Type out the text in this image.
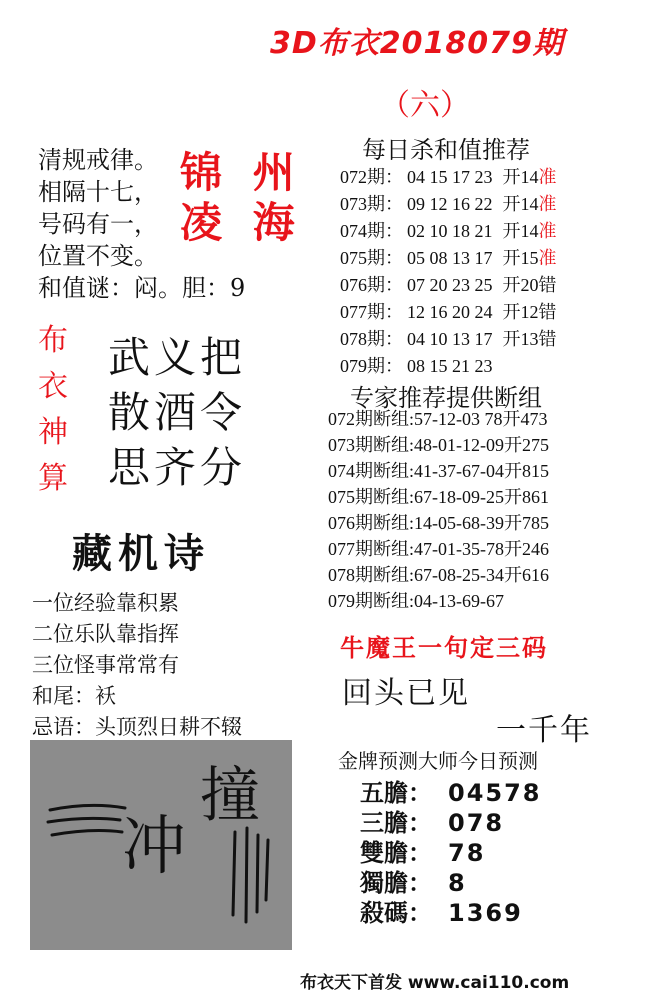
3D布衣2018079期
（六）
清规戒律。
相隔十七，
号码有一，
位置不变。
和值谜：闷。胆：9
锦 州
凌 海
布
衣
神
算
武义把
散酒令
思齐分
藏机诗
一位经验靠积累
二位乐队靠指挥
三位怪事常常有
和尾：袄
忌语：头顶烈日耕不辍
冲
撞
每日杀和值推荐
072期： 04 15 17 23 开14准
073期： 09 12 16 22 开14准
074期： 02 10 18 21 开14准
075期： 05 08 13 17 开15准
076期： 07 20 23 25 开20错
077期： 12 16 20 24 开12错
078期： 04 10 13 17 开13错
079期： 08 15 21 23
专家推荐提供断组
072期断组:57-12-03 78开473
073期断组:48-01-12-09开275
074期断组:41-37-67-04开815
075期断组:67-18-09-25开861
076期断组:14-05-68-39开785
077期断组:47-01-35-78开246
078期断组:67-08-25-34开616
079期断组:04-13-69-67
牛魔王一句定三码
回头已见
一千年
金牌预测大师今日预测
五膽： 04578
三膽： 078
雙膽： 78
獨膽： 8
殺碼： 1369
布衣天下首发 www.cai110.com
